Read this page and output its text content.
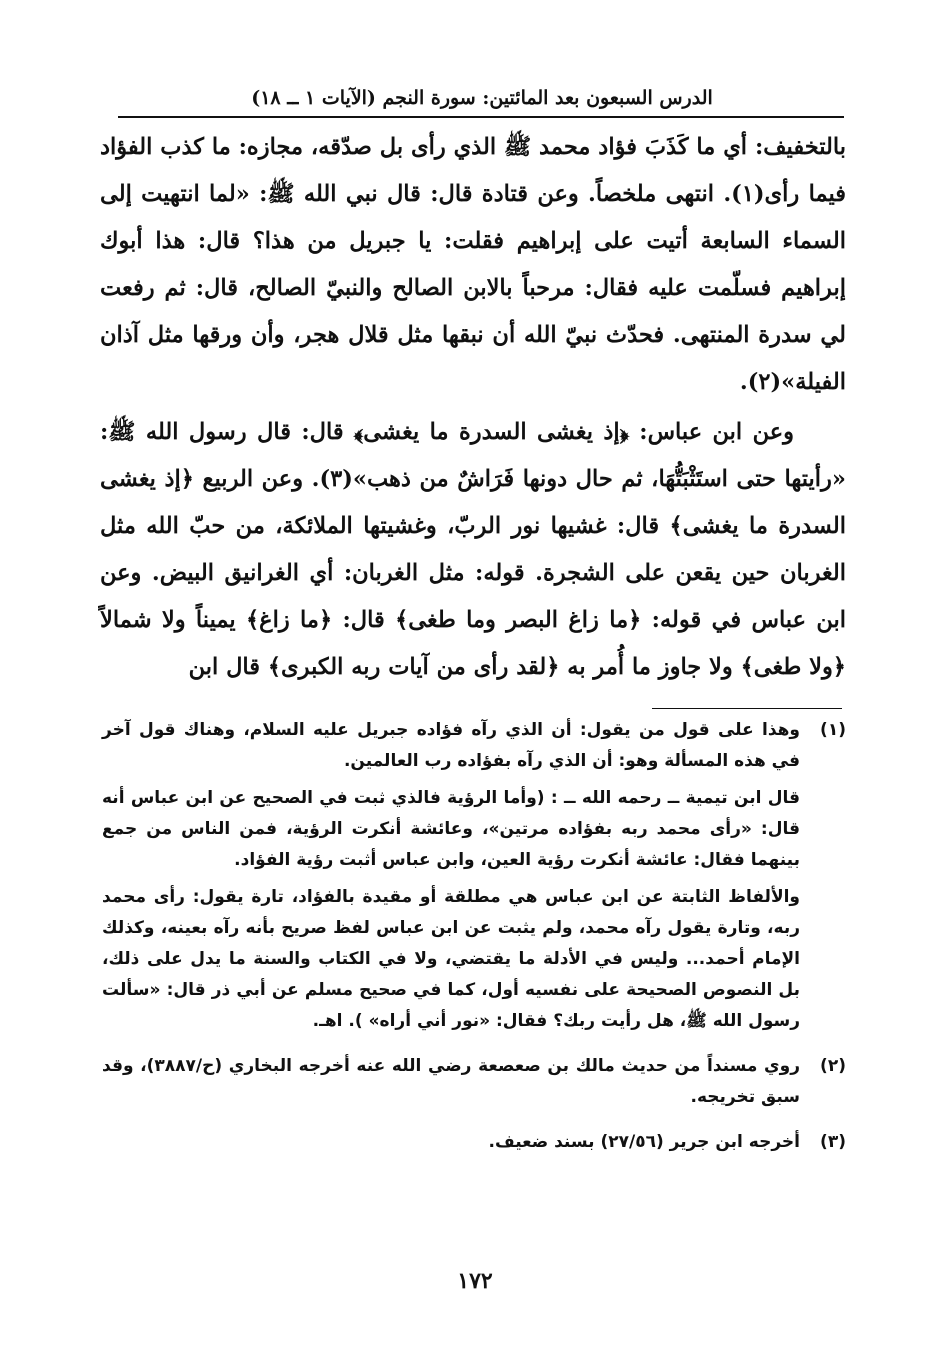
الدرس السبعون بعد المائتين: سورة النجم (الآيات ١ ــ ١٨)
بالتخفيف: أي ما كَذَبَ فؤاد محمد ﷺ الذي رأى بل صدّقه، مجازه: ما كذب الفؤاد فيما رأى(١). انتهى ملخصاً. وعن قتادة قال: قال نبي الله ﷺ: «لما انتهيت إلى السماء السابعة أتيت على إبراهيم فقلت: يا جبريل من هذا؟ قال: هذا أبوك إبراهيم فسلّمت عليه فقال: مرحباً بالابن الصالح والنبيّ الصالح، قال: ثم رفعت لي سدرة المنتهى. فحدّث نبيّ الله أن نبقها مثل قلال هجر، وأن ورقها مثل آذان الفيلة»(٢).
وعن ابن عباس: ﴿إذ يغشى السدرة ما يغشى﴾ قال: قال رسول الله ﷺ: «رأيتها حتى استَثْبَتُّهَا، ثم حال دونها فَرَاشٌ من ذهب»(٣). وعن الربيع ﴿إذ يغشى السدرة ما يغشى﴾ قال: غشيها نور الربّ، وغشيتها الملائكة، من حبّ الله مثل الغربان حين يقعن على الشجرة. قوله: مثل الغربان: أي الغرانيق البيض. وعن ابن عباس في قوله: ﴿ما زاغ البصر وما طغى﴾ قال: ﴿ما زاغ﴾ يميناً ولا شمالاً ﴿ولا طغى﴾ ولا جاوز ما أُمر به ﴿لقد رأى من آيات ربه الكبرى﴾ قال ابن
(١)

وهذا على قول من يقول: أن الذي رآه فؤاده جبريل عليه السلام، وهناك قول آخر في هذه المسألة وهو: أن الذي رآه بفؤاده رب العالمين.

قال ابن تيمية ــ رحمه الله ــ : (وأما الرؤية فالذي ثبت في الصحيح عن ابن عباس أنه قال: «رأى محمد ربه بفؤاده مرتين»، وعائشة أنكرت الرؤية، فمن الناس من جمع بينهما فقال: عائشة أنكرت رؤية العين، وابن عباس أثبت رؤية الفؤاد.

والألفاظ الثابتة عن ابن عباس هي مطلقة أو مقيدة بالفؤاد، تارة يقول: رأى محمد ربه، وتارة يقول رآه محمد، ولم يثبت عن ابن عباس لفظ صريح بأنه رآه بعينه، وكذلك الإمام أحمد... وليس في الأدلة ما يقتضي، ولا في الكتاب والسنة ما يدل على ذلك، بل النصوص الصحيحة على نفسيه أول، كما في صحيح مسلم عن أبي ذر قال: «سألت رسول الله ﷺ، هل رأيت ربك؟ فقال: «نور أني أراه» ). اهـ.

(٢)

روي مسنداً من حديث مالك بن صعصعة رضي الله عنه أخرجه البخاري (ح/٣٨٨٧)، وقد سبق تخريجه.

(٣)

أخرجه ابن جرير (٢٧/٥٦) بسند ضعيف.

١٧٢
